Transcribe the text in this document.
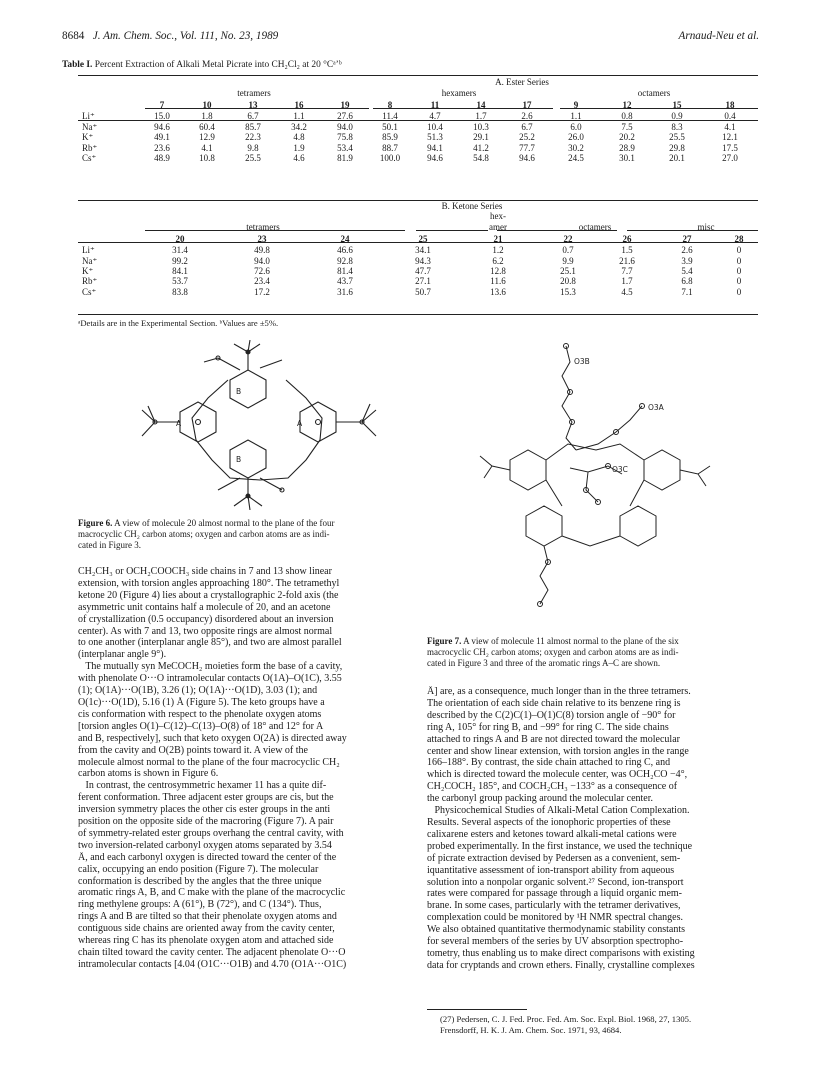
8684 J. Am. Chem. Soc., Vol. 111, No. 23, 1989	Arnaud-Neu et al.
Table I. Percent Extraction of Alkali Metal Picrate into CH₂Cl₂ at 20 °Cᵃʼᵇ
A. Ester Series													
	tetramers					hexamers				octamers			
	7	10	13	16	19	8	11	14	17	9	12	15	18
Li⁺	15.0	1.8	6.7	1.1	27.6	11.4	4.7	1.7	2.6	1.1	0.8	0.9	0.4
Na⁺	94.6	60.4	85.7	34.2	94.0	50.1	10.4	10.3	6.7	6.0	7.5	8.3	4.1
K⁺	49.1	12.9	22.3	4.8	75.8	85.9	51.3	29.1	25.2	26.0	20.2	25.5	12.1
Rb⁺	23.6	4.1	9.8	1.9	53.4	88.7	94.1	41.2	77.7	30.2	28.9	29.8	17.5
Cs⁺	48.9	10.8	25.5	4.6	81.9	100.0	94.6	54.8	94.6	24.5	30.1	20.1	27.0
B. Ketone Series									
					hex-				
	tetramers				amer	octamers		misc	
	20	23	24	25	21	22	26	27	28
Li⁺	31.4	49.8	46.6	34.1	1.2	0.7	1.5	2.6	0
Na⁺	99.2	94.0	92.8	94.3	6.2	9.9	21.6	3.9	0
K⁺	84.1	72.6	81.4	47.7	12.8	25.1	7.7	5.4	0
Rb⁺	53.7	23.4	43.7	27.1	11.6	20.8	1.7	6.8	0
Cs⁺	83.8	17.2	31.6	50.7	13.6	15.3	4.5	7.1	0
ᵃDetails are in the Experimental Section. ᵇValues are ±5%.
A	A
B
B
Figure 6. A view of molecule 20 almost normal to the plane of the four
macrocyclic CH₂ carbon atoms; oxygen and carbon atoms are as indi-
cated in Figure 3.
O3B
O3A
O3C
Figure 7. A view of molecule 11 almost normal to the plane of the six
macrocyclic CH₂ carbon atoms; oxygen and carbon atoms are as indi-
cated in Figure 3 and three of the aromatic rings A–C are shown.
CH₂CH₃ or OCH₂COOCH₃ side chains in 7 and 13 show linear
extension, with torsion angles approaching 180°. The tetramethyl
ketone 20 (Figure 4) lies about a crystallographic 2-fold axis (the
asymmetric unit contains half a molecule of 20, and an acetone
of crystallization (0.5 occupancy) disordered about an inversion
center). As with 7 and 13, two opposite rings are almost normal
to one another (interplanar angle 85°), and two are almost parallel
(interplanar angle 9°).
The mutually syn MeCOCH₂ moieties form the base of a cavity,
with phenolate O···O intramolecular contacts O(1A)–O(1C), 3.55
(1); O(1A)···O(1B), 3.26 (1); O(1A)···O(1D), 3.03 (1); and
O(1c)···O(1D), 5.16 (1) Å (Figure 5). The keto groups have a
cis conformation with respect to the phenolate oxygen atoms
[torsion angles O(1)–C(12)–C(13)–O(8) of 18° and 12° for A
and B, respectively], such that keto oxygen O(2A) is directed away
from the cavity and O(2B) points toward it. A view of the
molecule almost normal to the plane of the four macrocyclic CH₂
carbon atoms is shown in Figure 6.
In contrast, the centrosymmetric hexamer 11 has a quite dif-
ferent conformation. Three adjacent ester groups are cis, but the
inversion symmetry places the other cis ester groups in the anti
position on the opposite side of the macroring (Figure 7). A pair
of symmetry-related ester groups overhang the central cavity, with
two inversion-related carbonyl oxygen atoms separated by 3.54
Å, and each carbonyl oxygen is directed toward the center of the
calix, occupying an endo position (Figure 7). The molecular
conformation is described by the angles that the three unique
aromatic rings A, B, and C make with the plane of the macrocyclic
ring methylene groups: A (61°), B (72°), and C (134°). Thus,
rings A and B are tilted so that their phenolate oxygen atoms and
contiguous side chains are oriented away from the cavity center,
whereas ring C has its phenolate oxygen atom and attached side
chain tilted toward the cavity center. The adjacent phenolate O···O
intramolecular contacts [4.04 (O1C···O1B) and 4.70 (O1A···O1C)
Å] are, as a consequence, much longer than in the three tetramers.
The orientation of each side chain relative to its benzene ring is
described by the C(2)C(1)–O(1)C(8) torsion angle of −90° for
ring A, 105° for ring B, and −99° for ring C. The side chains
attached to rings A and B are not directed toward the molecular
center and show linear extension, with torsion angles in the range
166–188°. By contrast, the side chain attached to ring C, and
which is directed toward the molecule center, was OCH₂CO −4°,
CH₂COCH₂ 185°, and COCH₂CH₃ −133° as a consequence of
the carbonyl group packing around the molecular center.
Physicochemical Studies of Alkali-Metal Cation Complexation.
Results. Several aspects of the ionophoric properties of these
calixarene esters and ketones toward alkali-metal cations were
probed experimentally. In the first instance, we used the technique
of picrate extraction devised by Pedersen as a convenient, sem-
iquantitative assessment of ion-transport ability from aqueous
solution into a nonpolar organic solvent.²⁷ Second, ion-transport
rates were compared for passage through a liquid organic mem-
brane. In some cases, particularly with the tetramer derivatives,
complexation could be monitored by ¹H NMR spectral changes.
We also obtained quantitative thermodynamic stability constants
for several members of the series by UV absorption spectropho-
tometry, thus enabling us to make direct comparisons with existing
data for cryptands and crown ethers. Finally, crystalline complexes
(27) Pedersen, C. J. Fed. Proc. Fed. Am. Soc. Expl. Biol. 1968, 27, 1305.
Frensdorff, H. K. J. Am. Chem. Soc. 1971, 93, 4684.
